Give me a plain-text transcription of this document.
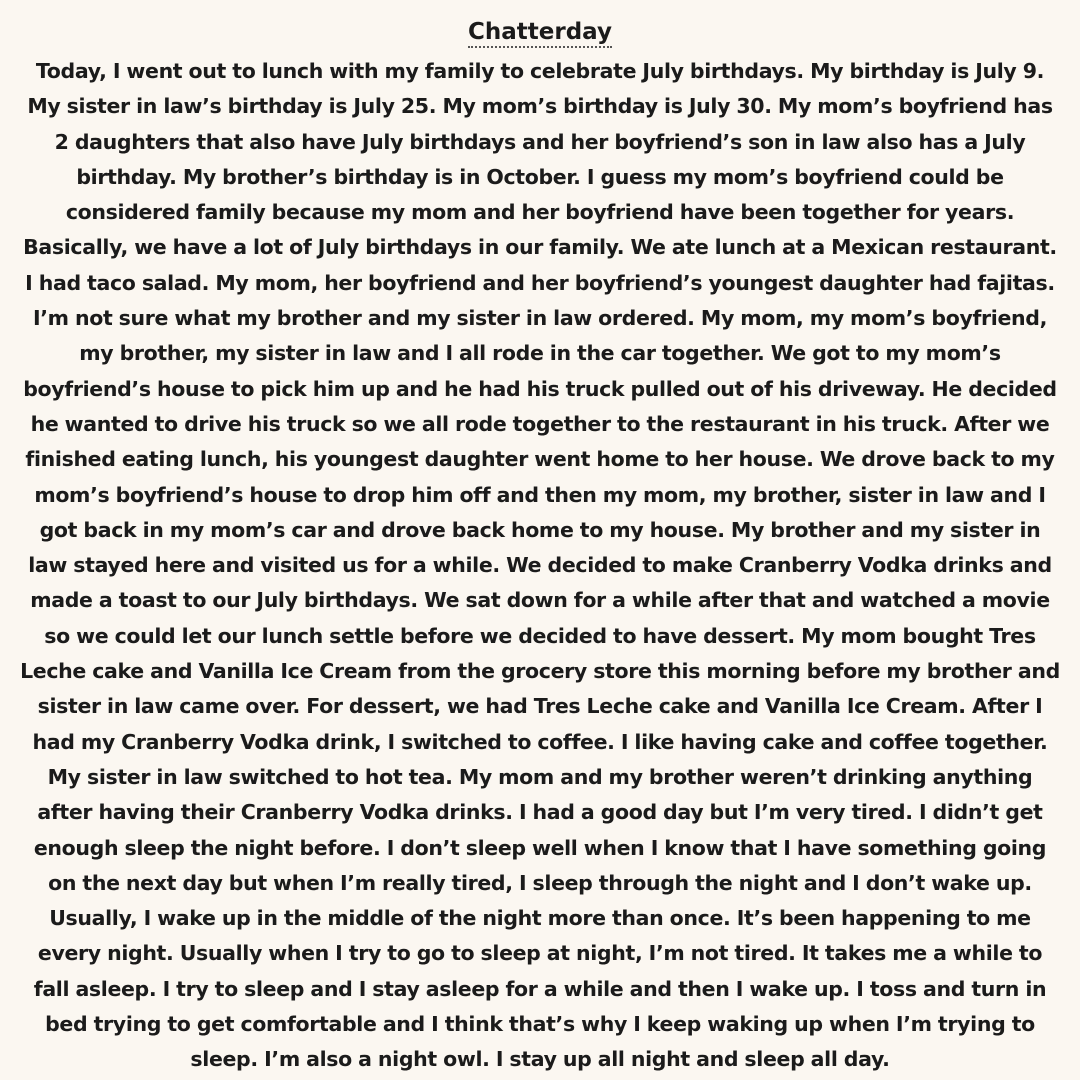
Chatterday

Today, I went out to lunch with my family to celebrate July birthdays. My birthday is July 9. My sister in law’s birthday is July 25. My mom’s birthday is July 30. My mom’s boyfriend has 2 daughters that also have July birthdays and her boyfriend’s son in law also has a July birthday. My brother’s birthday is in October. I guess my mom’s boyfriend could be considered family because my mom and her boyfriend have been together for years. Basically, we have a lot of July birthdays in our family. We ate lunch at a Mexican restaurant. I had taco salad. My mom, her boyfriend and her boyfriend’s youngest daughter had fajitas. I’m not sure what my brother and my sister in law ordered. My mom, my mom’s boyfriend, my brother, my sister in law and I all rode in the car together. We got to my mom’s boyfriend’s house to pick him up and he had his truck pulled out of his driveway. He decided he wanted to drive his truck so we all rode together to the restaurant in his truck. After we finished eating lunch, his youngest daughter went home to her house. We drove back to my mom’s boyfriend’s house to drop him off and then my mom, my brother, sister in law and I got back in my mom’s car and drove back home to my house. My brother and my sister in law stayed here and visited us for a while. We decided to make Cranberry Vodka drinks and made a toast to our July birthdays. We sat down for a while after that and watched a movie so we could let our lunch settle before we decided to have dessert. My mom bought Tres Leche cake and Vanilla Ice Cream from the grocery store this morning before my brother and sister in law came over. For dessert, we had Tres Leche cake and Vanilla Ice Cream. After I had my Cranberry Vodka drink, I switched to coffee. I like having cake and coffee together. My sister in law switched to hot tea. My mom and my brother weren’t drinking anything after having their Cranberry Vodka drinks. I had a good day but I’m very tired. I didn’t get enough sleep the night before. I don’t sleep well when I know that I have something going on the next day but when I’m really tired, I sleep through the night and I don’t wake up. Usually, I wake up in the middle of the night more than once. It’s been happening to me every night. Usually when I try to go to sleep at night, I’m not tired. It takes me a while to fall asleep. I try to sleep and I stay asleep for a while and then I wake up. I toss and turn in bed trying to get comfortable and I think that’s why I keep waking up when I’m trying to sleep. I’m also a night owl. I stay up all night and sleep all day.
